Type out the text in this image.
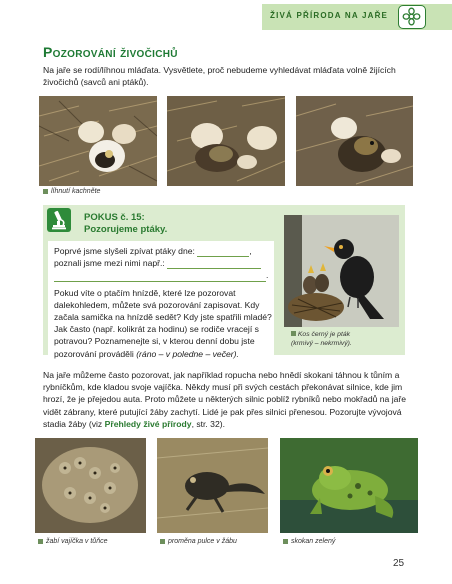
ŽIVÁ PŘÍRODA NA JAŘE
Pozorování živočichů
Na jaře se rodí/líhnou mláďata. Vysvětlete, proč nebudeme vyhledávat mláďata volně žijících živočichů (savců ani ptáků).
líhnutí kachněte
POKUS č. 15:
Pozorujeme ptáky.
Poprvé jsme slyšeli zpívat ptáky dne:	,
poznali jsme mezi nimi např.:
.
Pokud víte o ptačím hnízdě, které lze pozorovat dalekohledem, můžete svá pozorování zapisovat. Kdy začala samička na hnízdě sedět? Kdy jste spatřili mladé? Jak často (např. kolikrát za hodinu) se rodiče vracejí s potravou? Poznamenejte si, v kterou denní dobu jste pozorování prováděli (ráno – v poledne – večer).
Kos černý je pták
(krmivý – nekrmivý).
Na jaře můžeme často pozorovat, jak například ropucha nebo hnědí skokani táhnou k tůním a rybníčkům, kde kladou svoje vajíčka. Někdy musí při svých cestách překonávat silnice, kde jim hrozí, že je přejedou auta. Proto můžete u některých silnic poblíž rybníků nebo mokřadů na jaře vidět zábrany, které putující žáby zachytí. Lidé je pak přes silnici přenesou. Pozorujte vývojová stadia žáby (viz Přehledy živé přírody, str. 32).
žabí vajíčka v tůňce	proměna pulce v žábu	skokan zelený
25
